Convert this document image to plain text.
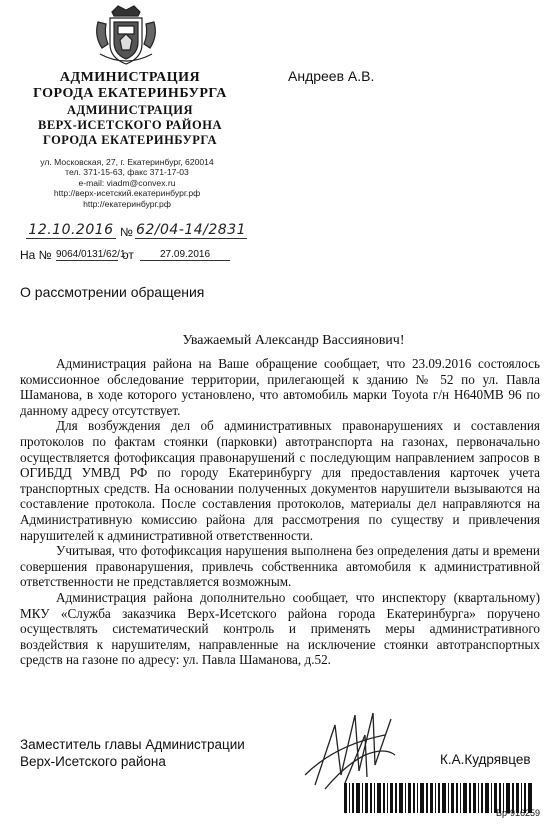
АДМИНИСТРАЦИЯ
ГОРОДА ЕКАТЕРИНБУРГА
АДМИНИСТРАЦИЯ
ВЕРХ-ИСЕТСКОГО РАЙОНА
ГОРОДА ЕКАТЕРИНБУРГА
ул. Московская, 27, г. Екатеринбург, 620014
тел. 371-15-63, факс 371-17-03
e-mail: viadm@convex.ru
http://верх-исетский.екатеринбург.рф
http://екатеринбург.рф
Андреев А.В.
12.10.2016 № 62/04-14/2831
На № 9064/0131/62/1
от	27.09.2016
О рассмотрении обращения
Уважаемый Александр Вассиянович!

Администрация района на Ваше обращение сообщает, что 23.09.2016 состоялось комиссионное обследование территории, прилегающей к зданию № 52 по ул. Павла Шаманова, в ходе которого установлено, что автомобиль марки Toyota г/н Н640МВ 96 по данному адресу отсутствует.

Для возбуждения дел об административных правонарушениях и составления протоколов по фактам стоянки (парковки) автотранспорта на газонах, первоначально осуществляется фотофиксация правонарушений с последующим направлением запросов в ОГИБДД УМВД РФ по городу Екатеринбургу для предоставления карточек учета транспортных средств. На основании полученных документов нарушители вызываются на составление протокола. После составления протоколов, материалы дел направляются на Административную комиссию района для рассмотрения по существу и привлечения нарушителей к административной ответственности.

Учитывая, что фотофиксация нарушения выполнена без определения даты и времени совершения правонарушения, привлечь собственника автомобиля к административной ответственности не представляется возможным.

Администрация района дополнительно сообщает, что инспектору (квартальному) МКУ «Служба заказчика Верх-Исетского района города Екатеринбурга» поручено осуществлять систематический контроль и применять меры административного воздействия к нарушителям, направленные на исключение стоянки автотранспортных средств на газоне по адресу: ул. Павла Шаманова, д.52.

Заместитель главы Администрации
Верх-Исетского района	К.А.Кудрявцев
Вр-916259
